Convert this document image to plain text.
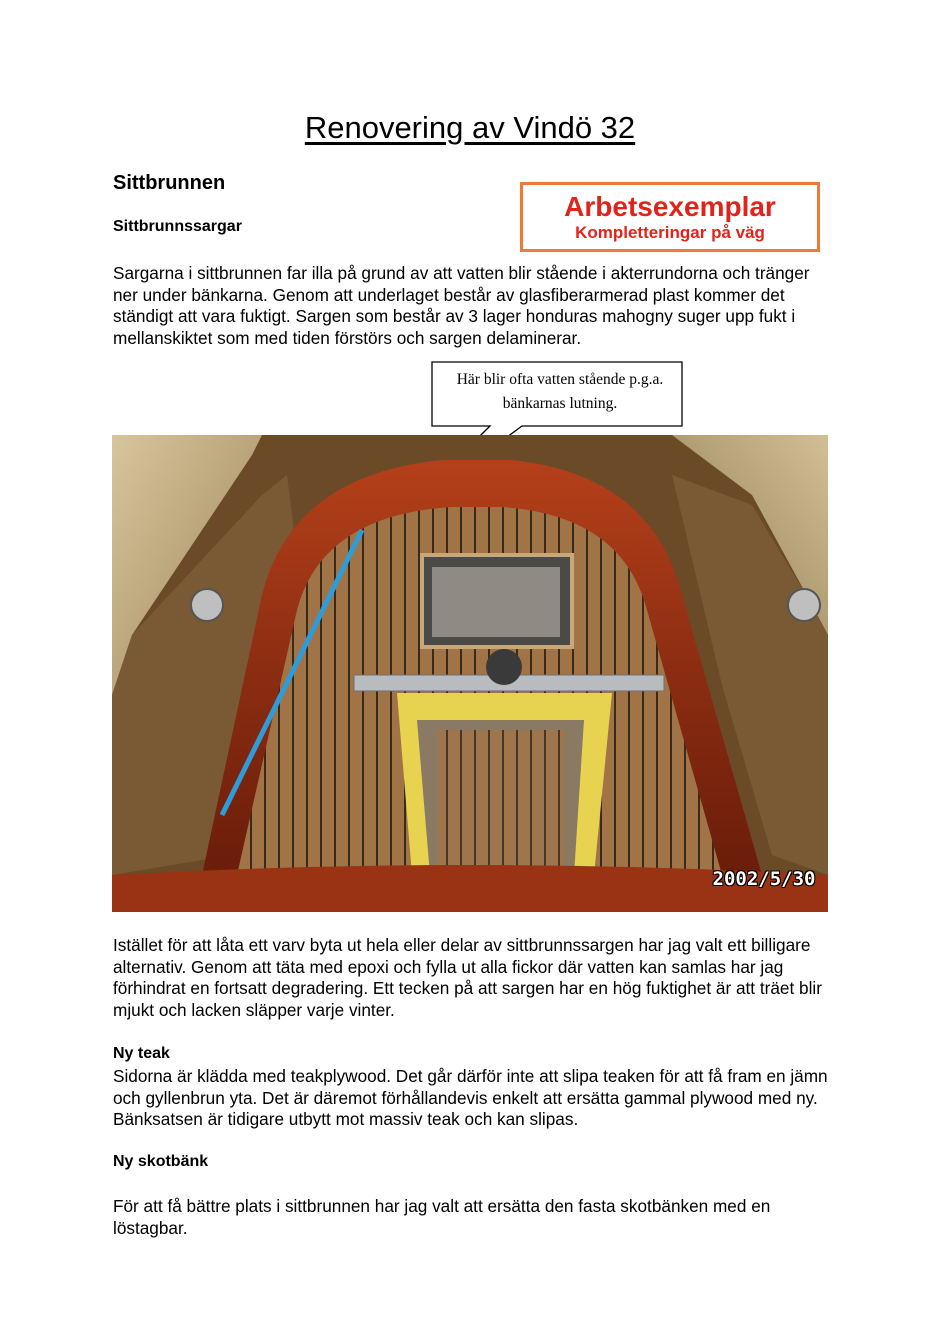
Renovering av Vindö 32
Sittbrunnen
Arbetsexemplar
Kompletteringar på väg
Sittbrunnssargar
Sargarna i sittbrunnen far illa på grund av att vatten blir stående i akterrundorna och tränger ner under bänkarna. Genom att underlaget består av glasfiberarmerad plast kommer det ständigt att vara fuktigt. Sargen som består av 3 lager honduras mahogny suger upp fukt i mellanskiktet som med tiden förstörs och sargen delaminerar.
Här blir ofta vatten stående p.g.a. bänkarnas lutning.
2002/5/30
Istället för att låta ett varv byta ut hela eller delar av sittbrunnssargen har jag valt ett billigare alternativ. Genom att täta med epoxi och fylla ut alla fickor där vatten kan samlas har jag förhindrat en fortsatt degradering. Ett tecken på att sargen har en hög fuktighet är att träet blir mjukt och lacken släpper varje vinter.
Ny teak
Sidorna är klädda med teakplywood. Det går därför inte att slipa teaken för att få fram en jämn och gyllenbrun yta. Det är däremot förhållandevis enkelt att ersätta gammal plywood med ny. Bänksatsen är tidigare utbytt mot massiv teak och kan slipas.
Ny skotbänk
För att få bättre plats i sittbrunnen har jag valt att ersätta den fasta skotbänken med en löstagbar.
